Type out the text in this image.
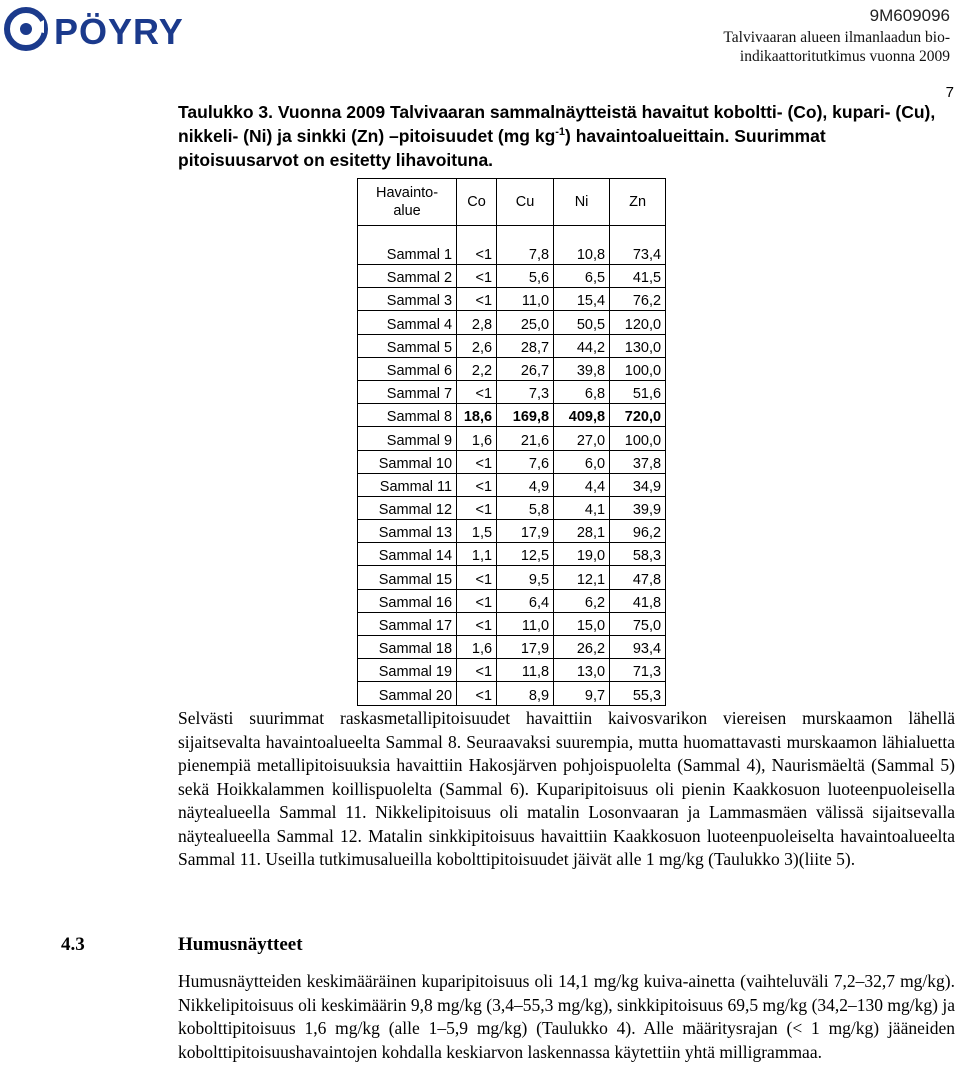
PÖYRY	9M609096
Talvivaaran alueen ilmanlaadun bio-indikaattoritutkimus vuonna 2009
7

Taulukko 3. Vuonna 2009 Talvivaaran sammalnäytteistä havaitut koboltti- (Co), kupari- (Cu), nikkeli- (Ni) ja sinkki (Zn) –pitoisuudet (mg $kg^{-1}$) havaintoalueittain. Suurimmat pitoisuusarvot on esitetty lihavoituna.

Havainto-alue	Co	Cu	Ni	Zn
Sammal 1	<1	7,8	10,8	73,4
Sammal 2	<1	5,6	6,5	41,5
Sammal 3	<1	11,0	15,4	76,2
Sammal 4	2,8	25,0	50,5	120,0
Sammal 5	2,6	28,7	44,2	130,0
Sammal 6	2,2	26,7	39,8	100,0
Sammal 7	<1	7,3	6,8	51,6
Sammal 8	18,6	169,8	409,8	720,0
Sammal 9	1,6	21,6	27,0	100,0
Sammal 10	<1	7,6	6,0	37,8
Sammal 11	<1	4,9	4,4	34,9
Sammal 12	<1	5,8	4,1	39,9
Sammal 13	1,5	17,9	28,1	96,2
Sammal 14	1,1	12,5	19,0	58,3
Sammal 15	<1	9,5	12,1	47,8
Sammal 16	<1	6,4	6,2	41,8
Sammal 17	<1	11,0	15,0	75,0
Sammal 18	1,6	17,9	26,2	93,4
Sammal 19	<1	11,8	13,0	71,3
Sammal 20	<1	8,9	9,7	55,3

Selvästi suurimmat raskasmetallipitoisuudet havaittiin kaivosvarikon viereisen murskaamon lähellä sijaitsevalta havaintoalueelta Sammal 8. Seuraavaksi suurempia, mutta huomattavasti murskaamon lähialuetta pienempiä metallipitoisuuksia havaittiin Hakosjärven pohjoispuolelta (Sammal 4), Naurismäeltä (Sammal 5) sekä Hoikkalammen koillispuolelta (Sammal 6). Kuparipitoisuus oli pienin Kaakkosuon luoteenpuoleisella näytealueella Sammal 11. Nikkelipitoisuus oli matalin Losonvaaran ja Lammasmäen välissä sijaitsevalla näytealueella Sammal 12. Matalin sinkkipitoisuus havaittiin Kaakkosuon luoteenpuoleiselta havaintoalueelta Sammal 11. Useilla tutkimusalueilla kobolttipitoisuudet jäivät alle 1 mg/kg (Taulukko 3)(liite 5).

4.3	Humusnäytteet

Humusnäytteiden keskimääräinen kuparipitoisuus oli 14,1 mg/kg kuiva-ainetta (vaihteluväli 7,2–32,7 mg/kg). Nikkelipitoisuus oli keskimäärin 9,8 mg/kg (3,4–55,3 mg/kg), sinkkipitoisuus 69,5 mg/kg (34,2–130 mg/kg) ja kobolttipitoisuus 1,6 mg/kg (alle 1–5,9 mg/kg) (Taulukko 4). Alle määritysrajan (< 1 mg/kg) jääneiden kobolttipitoisuushavaintojen kohdalla keskiarvon laskennassa käytettiin yhtä milligrammaa.
